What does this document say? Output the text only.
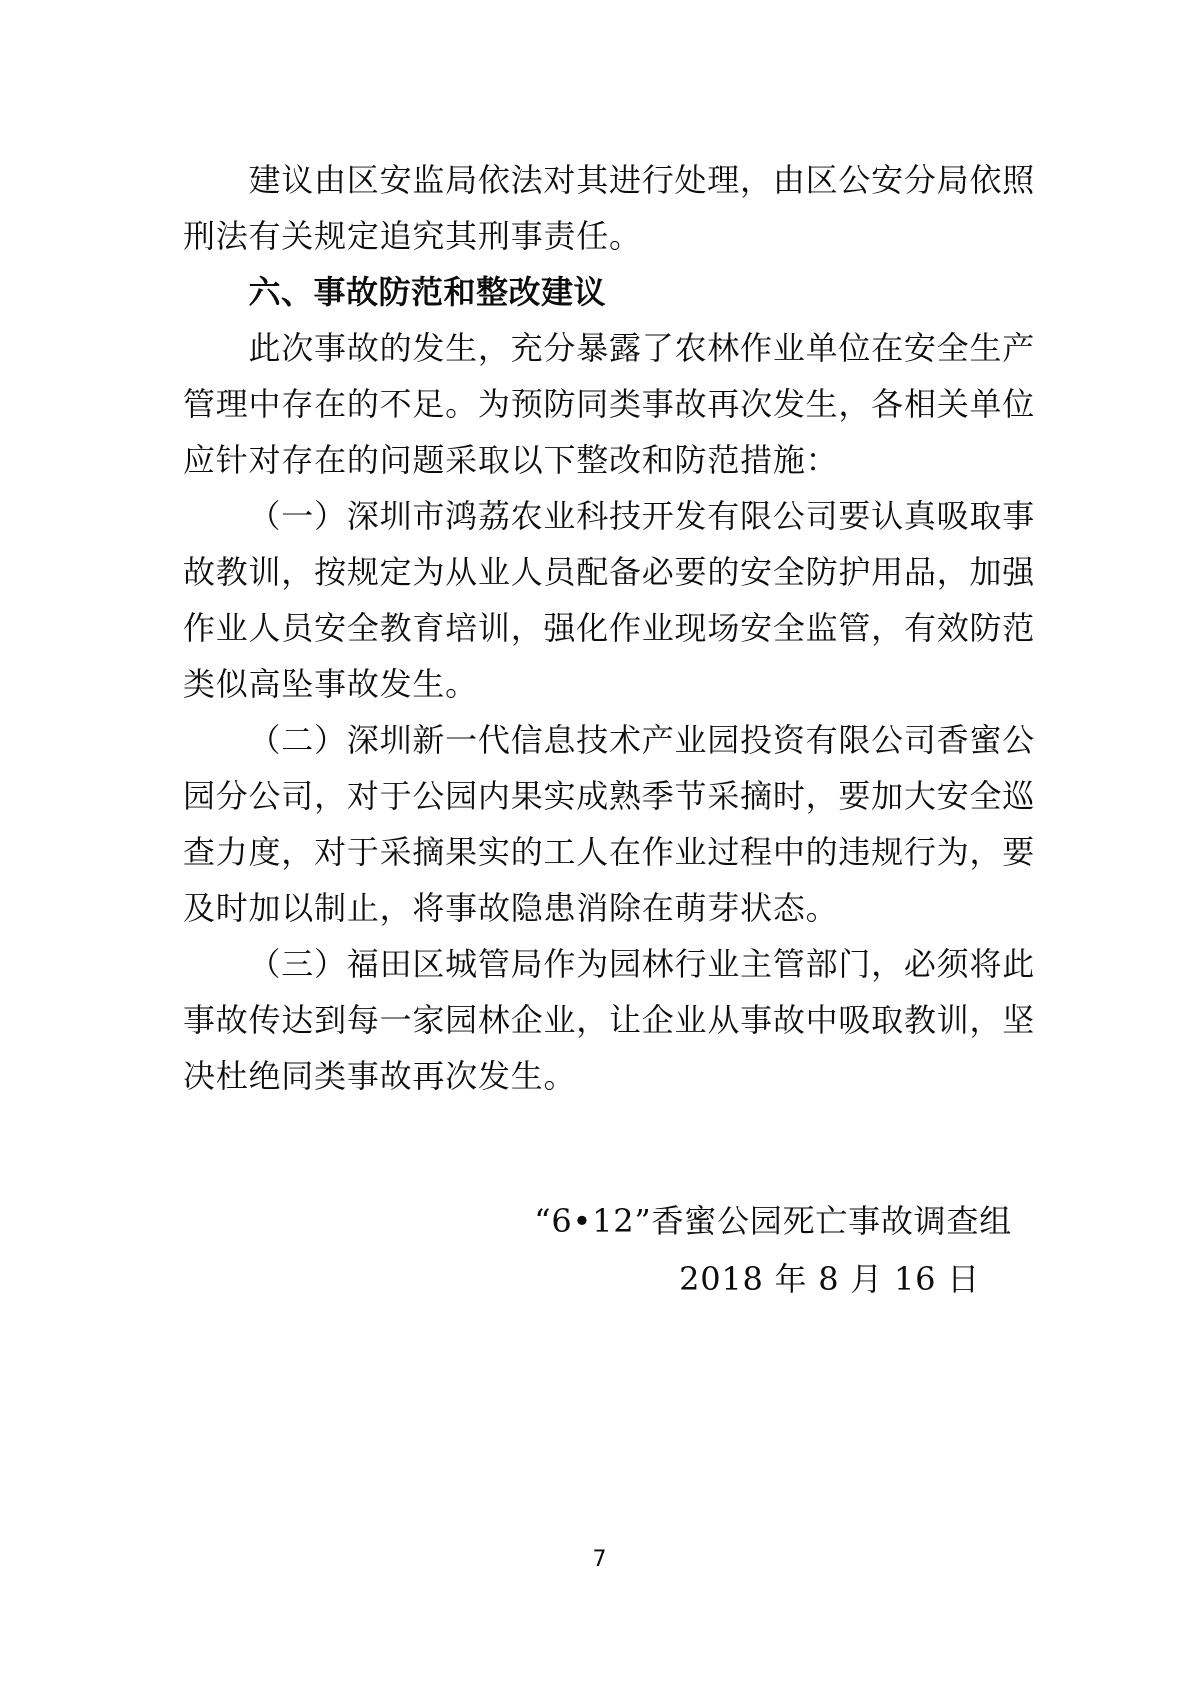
建议由区安监局依法对其进行处理，由区公安分局依照刑法有关规定追究其刑事责任。

六、事故防范和整改建议

此次事故的发生，充分暴露了农林作业单位在安全生产管理中存在的不足。为预防同类事故再次发生，各相关单位应针对存在的问题采取以下整改和防范措施：

（一）深圳市鸿荔农业科技开发有限公司要认真吸取事故教训，按规定为从业人员配备必要的安全防护用品，加强作业人员安全教育培训，强化作业现场安全监管，有效防范类似高坠事故发生。

（二）深圳新一代信息技术产业园投资有限公司香蜜公园分公司，对于公园内果实成熟季节采摘时，要加大安全巡查力度，对于采摘果实的工人在作业过程中的违规行为，要及时加以制止，将事故隐患消除在萌芽状态。

（三）福田区城管局作为园林行业主管部门，必须将此事故传达到每一家园林企业，让企业从事故中吸取教训，坚决杜绝同类事故再次发生。

“6•12”香蜜公园死亡事故调查组
2018 年 8 月 16 日
7
